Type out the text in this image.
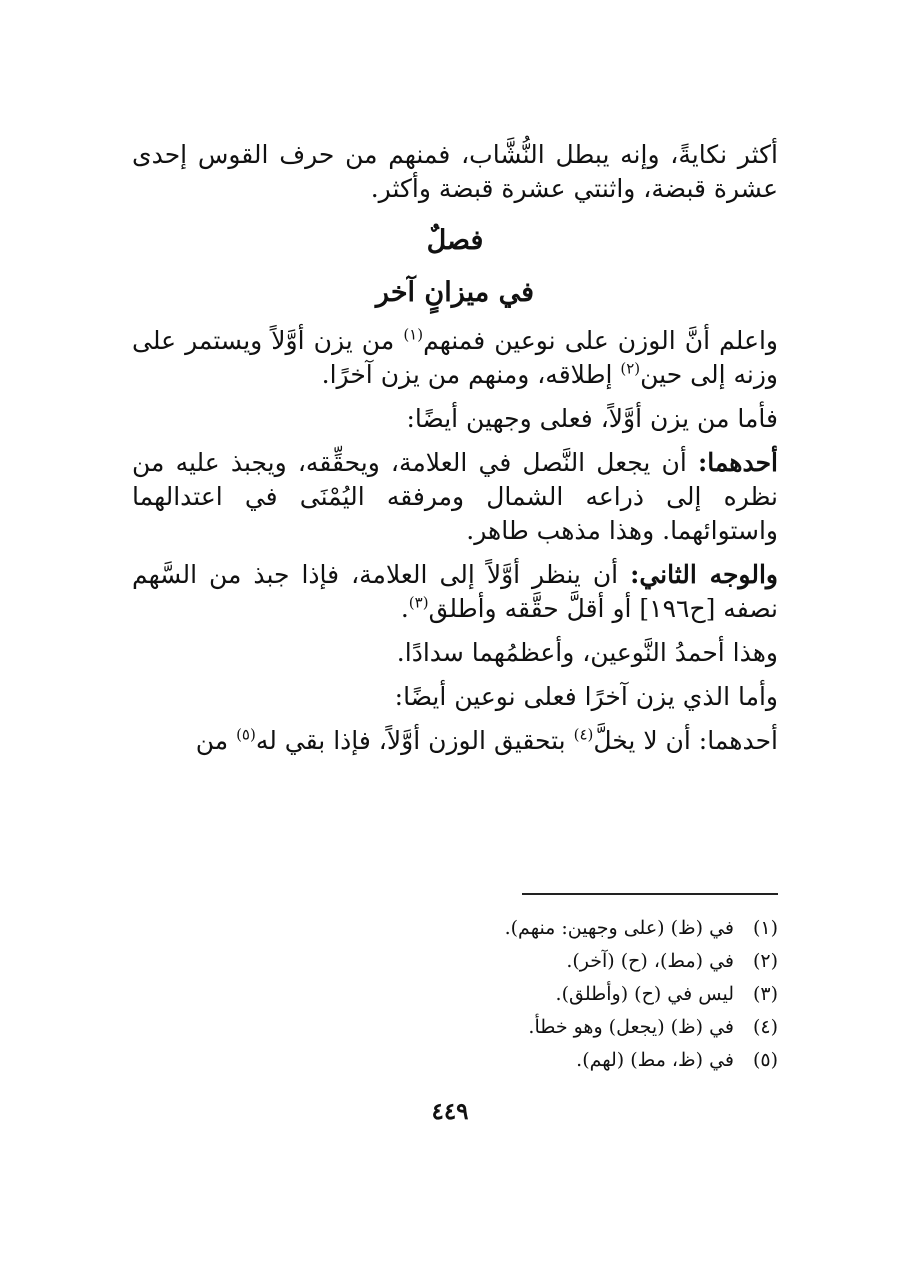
أكثر نكايةً، وإنه يبطل النُّشَّاب، فمنهم من حرف القوس إحدى عشرة قبضة، واثنتي عشرة قبضة وأكثر.

فصلٌ

في ميزانٍ آخر

واعلم أنَّ الوزن على نوعين فمنهم$^{(١)}$ من يزن أوَّلاً ويستمر على وزنه إلى حين$^{(٢)}$ إطلاقه، ومنهم من يزن آخرًا.

فأما من يزن أوَّلاً، فعلى وجهين أيضًا:

أحدهما: أن يجعل النَّصل في العلامة، ويحقِّقه، ويجبذ عليه من نظره إلى ذراعه الشمال ومرفقه اليُمْنَى في اعتدالهما واستوائهما. وهذا مذهب طاهر.

والوجه الثاني: أن ينظر أوَّلاً إلى العلامة، فإذا جبذ من السَّهم نصفه [ح١٩٦] أو أقلَّ حقَّقه وأطلق$^{(٣)}$.

وهذا أحمدُ النَّوعين، وأعظمُهما سدادًا.

وأما الذي يزن آخرًا فعلى نوعين أيضًا:

أحدهما: أن لا يخلَّ$^{(٤)}$ بتحقيق الوزن أوَّلاً، فإذا بقي له$^{(٥)}$ من

(١)في (ظ) (على وجهين: منهم).
(٢)في (مط)، (ح) (آخر).
(٣)ليس في (ح) (وأطلق).
(٤)في (ظ) (يجعل) وهو خطأ.
(٥)في (ظ، مط) (لهم).
٤٤٩
